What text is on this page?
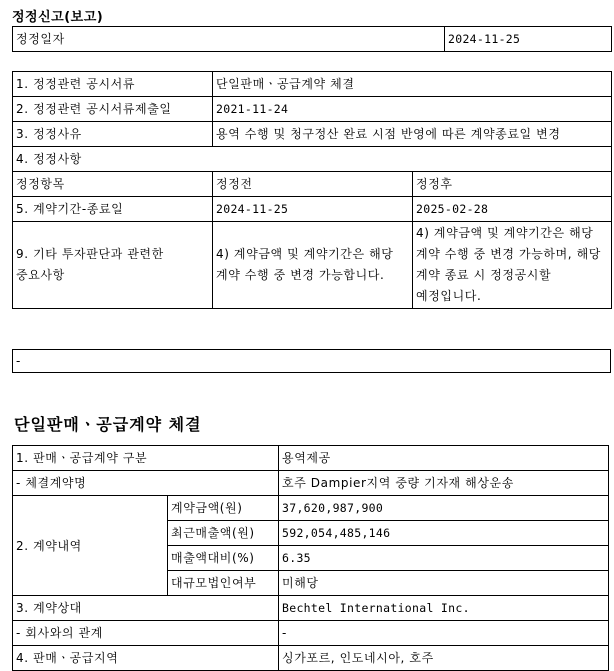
정정신고(보고)
정정일자	2024-11-25
1. 정정관련 공시서류	단일판매ㆍ공급계약 체결	
2. 정정관련 공시서류제출일	2021-11-24	
3. 정정사유	용역 수행 및 청구정산 완료 시점 반영에 따른 계약종료일 변경	
4. 정정사항		
정정항목	정정전	정정후
5. 계약기간-종료일	2024-11-25	2025-02-28
9. 기타 투자판단과 관련한 중요사항	4) 계약금액 및 계약기간은 해당 계약 수행 중 변경 가능합니다.	4) 계약금액 및 계약기간은 해당 계약 수행 중 변경 가능하며, 해당 계약 종료 시 정정공시할 예정입니다.
-
단일판매ㆍ공급계약 체결
1. 판매ㆍ공급계약 구분		용역제공
- 체결계약명		호주 Dampier지역 중량 기자재 해상운송
2. 계약내역	계약금액(원)	37,620,987,900
	최근매출액(원)	592,054,485,146
	매출액대비(%)	6.35
	대규모법인여부	미해당
3. 계약상대		Bechtel International Inc.
- 회사와의 관계		-
4. 판매ㆍ공급지역		싱가포르, 인도네시아, 호주
